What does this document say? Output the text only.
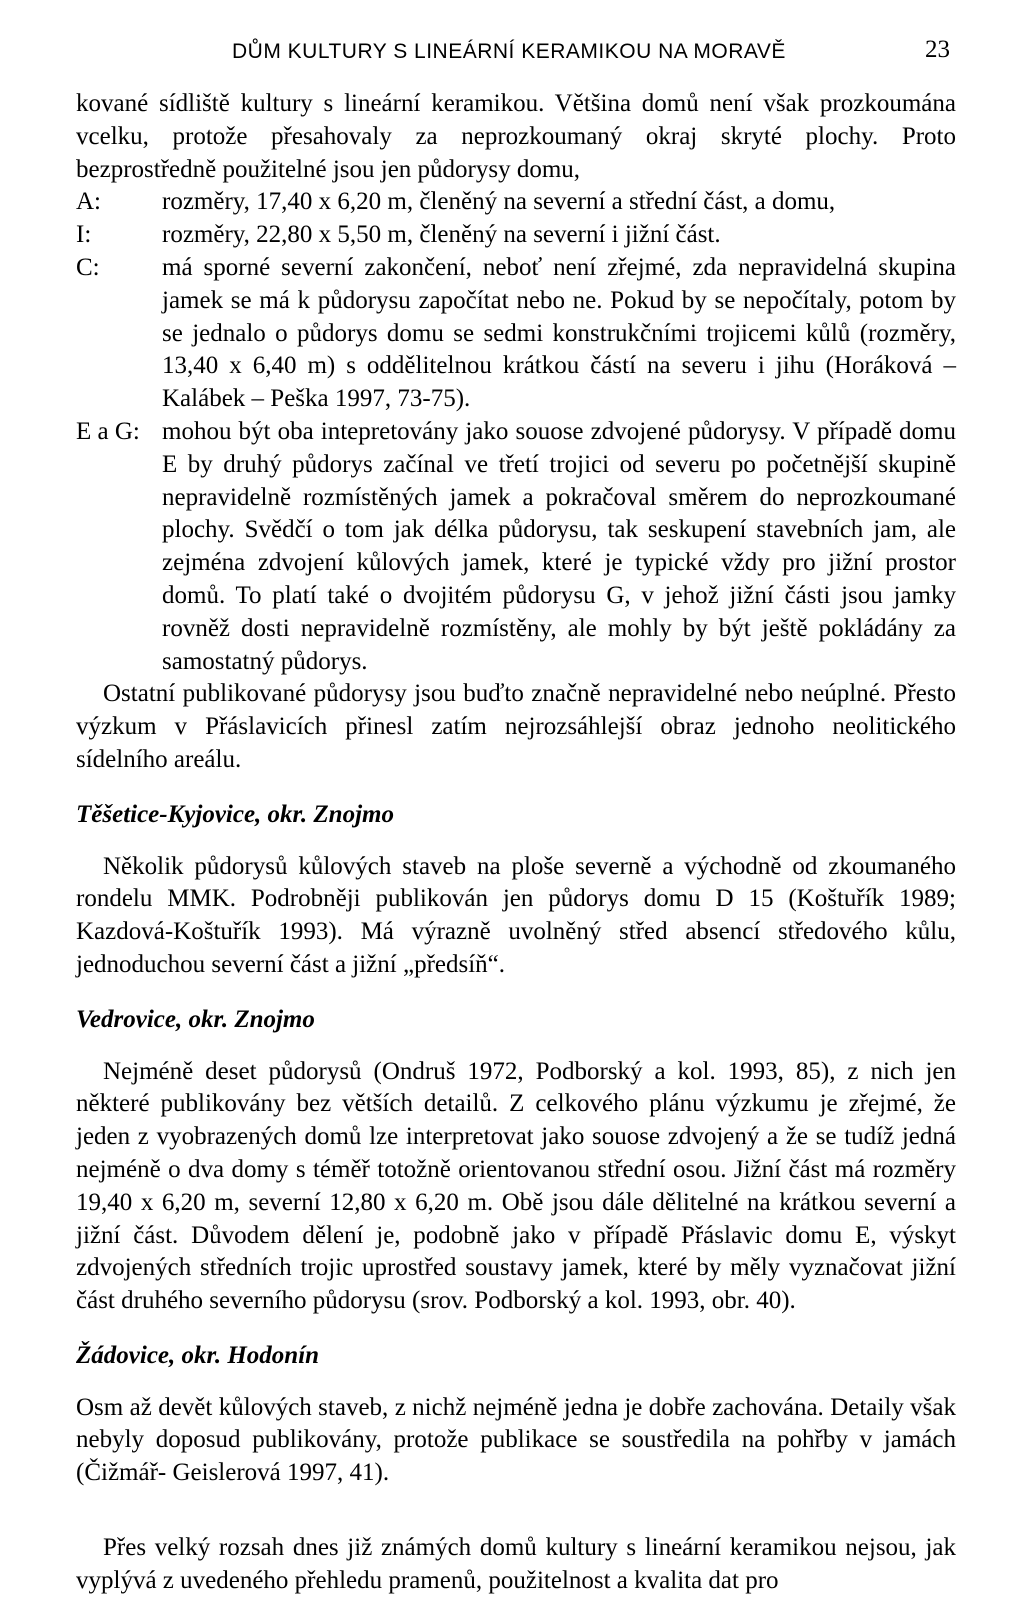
DŮM KULTURY S LINEÁRNÍ KERAMIKOU NA MORAVĚ	23

kované sídliště kultury s lineární keramikou. Většina domů není však prozkoumána vcelku, protože přesahovaly za neprozkoumaný okraj skryté plochy. Proto bezprostředně použitelné jsou jen půdorysy domu,

A:	rozměry, 17,40 x 6,20 m, členěný na severní a střední část, a domu,
I:	rozměry, 22,80 x 5,50 m, členěný na severní i jižní část.
C:	má sporné severní zakončení, neboť není zřejmé, zda nepravidelná skupina jamek se má k půdorysu započítat nebo ne. Pokud by se nepočítaly, potom by se jednalo o půdorys domu se sedmi konstrukčními trojicemi kůlů (rozměry, 13,40 x 6,40 m) s oddělitelnou krátkou částí na severu i jihu (Horáková – Kalábek – Peška 1997, 73-75).
E a G: mohou být oba intepretovány jako souose zdvojené půdorysy. V případě domu E by druhý půdorys začínal ve třetí trojici od severu po početnější skupině nepravidelně rozmístěných jamek a pokračoval směrem do neprozkoumané plochy. Svědčí o tom jak délka půdorysu, tak seskupení stavebních jam, ale zejména zdvojení kůlových jamek, které je typické vždy pro jižní prostor domů. To platí také o dvojitém půdorysu G, v jehož jižní části jsou jamky rovněž dosti nepravidelně rozmístěny, ale mohly by být ještě pokládány za samostatný půdorys.

Ostatní publikované půdorysy jsou buďto značně nepravidelné nebo neúplné. Přesto výzkum v Přáslavicích přinesl zatím nejrozsáhlejší obraz jednoho neolitického sídelního areálu.

Těšetice-Kyjovice, okr. Znojmo

Několik půdorysů kůlových staveb na ploše severně a východně od zkoumaného rondelu MMK. Podrobněji publikován jen půdorys domu D 15 (Koštuřík 1989; Kazdová-Koštuřík 1993). Má výrazně uvolněný střed absencí středového kůlu, jednoduchou severní část a jižní „předsíň“.

Vedrovice, okr. Znojmo

Nejméně deset půdorysů (Ondruš 1972, Podborský a kol. 1993, 85), z nich jen některé publikovány bez větších detailů. Z celkového plánu výzkumu je zřejmé, že jeden z vyobrazených domů lze interpretovat jako souose zdvojený a že se tudíž jedná nejméně o dva domy s téměř totožně orientovanou střední osou. Jižní část má rozměry 19,40 x 6,20 m, severní 12,80 x 6,20 m. Obě jsou dále dělitelné na krátkou severní a jižní část. Důvodem dělení je, podobně jako v případě Přáslavic domu E, výskyt zdvojených středních trojic uprostřed soustavy jamek, které by měly vyznačovat jižní část druhého severního půdorysu (srov. Podborský a kol. 1993, obr. 40).

Žádovice, okr. Hodonín

Osm až devět kůlových staveb, z nichž nejméně jedna je dobře zachována. Detaily však nebyly doposud publikovány, protože publikace se soustředila na pohřby v jamách (Čižmář- Geislerová 1997, 41).

Přes velký rozsah dnes již známých domů kultury s lineární keramikou nejsou, jak vyplývá z uvedeného přehledu pramenů, použitelnost a kvalita dat pro
